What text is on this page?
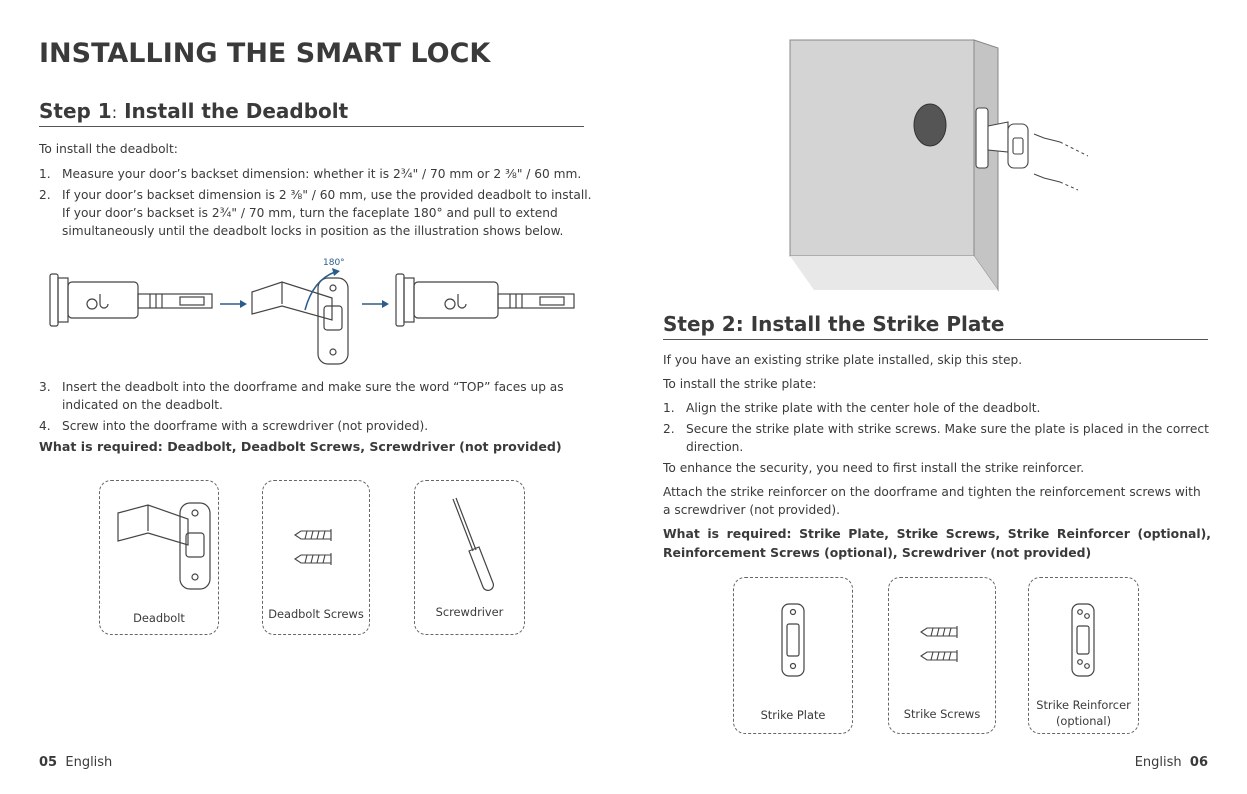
INSTALLING THE SMART LOCK
Step 1: Install the Deadbolt

To install the deadbolt:

1. Measure your door’s backset dimension: whether it is 2¾" / 70 mm or 2 ⅜" / 60 mm.
2. If your door’s backset dimension is 2 ⅜" / 60 mm, use the provided deadbolt to install. If your door’s backset is 2¾" / 70 mm, turn the faceplate 180° and pull to extend simultaneously until the deadbolt locks in position as the illustration shows below.
180°
3. Insert the deadbolt into the doorframe and make sure the word “TOP” faces up as indicated on the deadbolt.
4. Screw into the doorframe with a screwdriver (not provided).

What is required: Deadbolt, Deadbolt Screws, Screwdriver (not provided)

Deadbolt	Deadbolt Screws	Screwdriver
Step 2: Install the Strike Plate

If you have an existing strike plate installed, skip this step.

To install the strike plate:

1. Align the strike plate with the center hole of the deadbolt.
2. Secure the strike plate with strike screws. Make sure the plate is placed in the correct direction.

To enhance the security, you need to first install the strike reinforcer.

Attach the strike reinforcer on the doorframe and tighten the reinforcement screws with a screwdriver (not provided).

What is required: Strike Plate, Strike Screws, Strike Reinforcer (optional), Reinforcement Screws (optional), Screwdriver (not provided)

Strike Plate	Strike Screws
Strike Reinforcer
(optional)
05 English	English 06
